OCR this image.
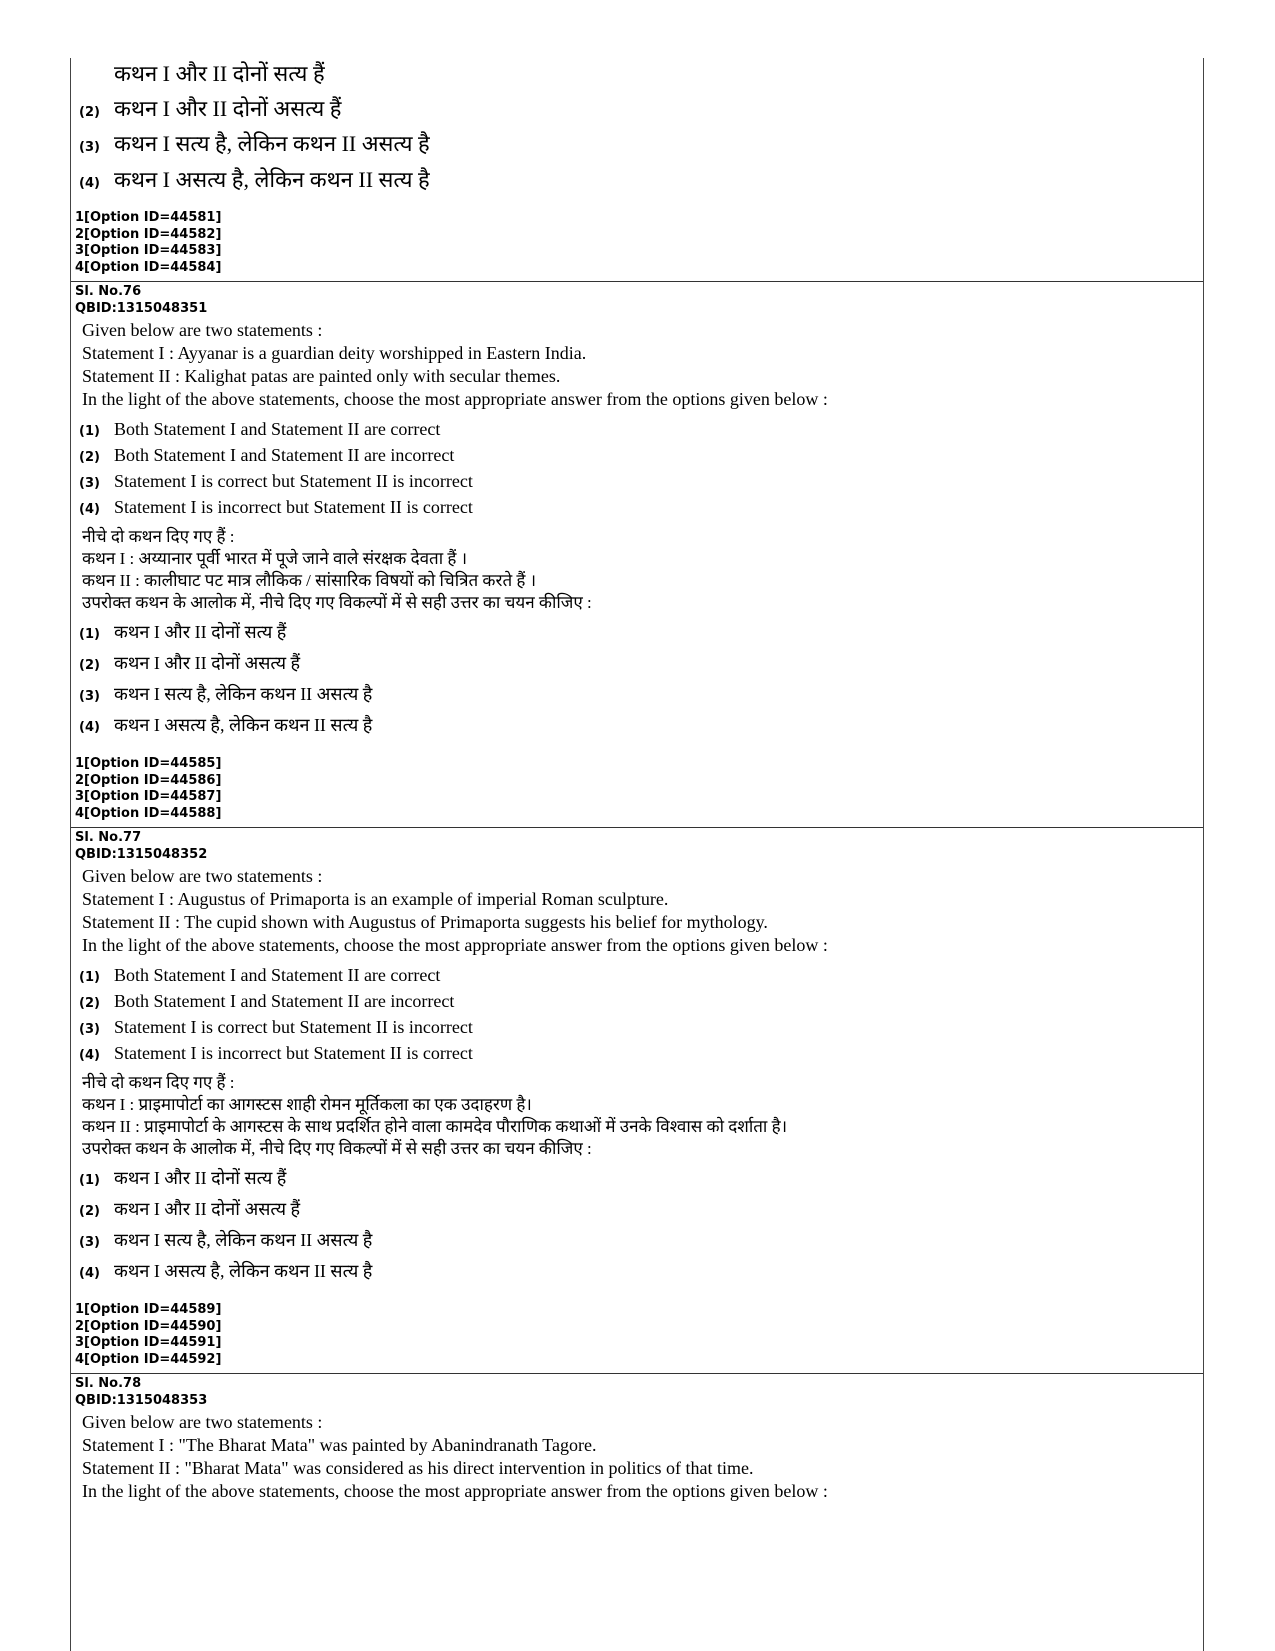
कथन I और II दोनों सत्य हैं
(2) कथन I और II दोनों असत्य हैं
(3) कथन I सत्य है, लेकिन कथन II असत्य है
(4) कथन I असत्य है, लेकिन कथन II सत्य है
1[Option ID=44581]
2[Option ID=44582]
3[Option ID=44583]
4[Option ID=44584]
Sl. No.76
QBID:1315048351
Given below are two statements :
Statement I : Ayyanar is a guardian deity worshipped in Eastern India.
Statement II : Kalighat patas are painted only with secular themes.
In the light of the above statements, choose the most appropriate answer from the options given below :
(1) Both Statement I and Statement II are correct
(2) Both Statement I and Statement II are incorrect
(3) Statement I is correct but Statement II is incorrect
(4) Statement I is incorrect but Statement II is correct
नीचे दो कथन दिए गए हैं :
कथन I : अय्यानार पूर्वी भारत में पूजे जाने वाले संरक्षक देवता हैं ।
कथन II : कालीघाट पट मात्र लौकिक / सांसारिक विषयों को चित्रित करते हैं ।
उपरोक्त कथन के आलोक में, नीचे दिए गए विकल्पों में से सही उत्तर का चयन कीजिए :
(1) कथन I और II दोनों सत्य हैं
(2) कथन I और II दोनों असत्य हैं
(3) कथन I सत्य है, लेकिन कथन II असत्य है
(4) कथन I असत्य है, लेकिन कथन II सत्य है
1[Option ID=44585]
2[Option ID=44586]
3[Option ID=44587]
4[Option ID=44588]
Sl. No.77
QBID:1315048352
Given below are two statements :
Statement I : Augustus of Primaporta is an example of imperial Roman sculpture.
Statement II : The cupid shown with Augustus of Primaporta suggests his belief for mythology.
In the light of the above statements, choose the most appropriate answer from the options given below :
(1) Both Statement I and Statement II are correct
(2) Both Statement I and Statement II are incorrect
(3) Statement I is correct but Statement II is incorrect
(4) Statement I is incorrect but Statement II is correct
नीचे दो कथन दिए गए हैं :
कथन I : प्राइमापोर्टा का आगस्टस शाही रोमन मूर्तिकला का एक उदाहरण है।
कथन II : प्राइमापोर्टा के आगस्टस के साथ प्रदर्शित होने वाला कामदेव पौराणिक कथाओं में उनके विश्वास को दर्शाता है।
उपरोक्त कथन के आलोक में, नीचे दिए गए विकल्पों में से सही उत्तर का चयन कीजिए :
(1) कथन I और II दोनों सत्य हैं
(2) कथन I और II दोनों असत्य हैं
(3) कथन I सत्य है, लेकिन कथन II असत्य है
(4) कथन I असत्य है, लेकिन कथन II सत्य है
1[Option ID=44589]
2[Option ID=44590]
3[Option ID=44591]
4[Option ID=44592]
Sl. No.78
QBID:1315048353
Given below are two statements :
Statement I : "The Bharat Mata" was painted by Abanindranath Tagore.
Statement II : "Bharat Mata" was considered as his direct intervention in politics of that time.
In the light of the above statements, choose the most appropriate answer from the options given below :
